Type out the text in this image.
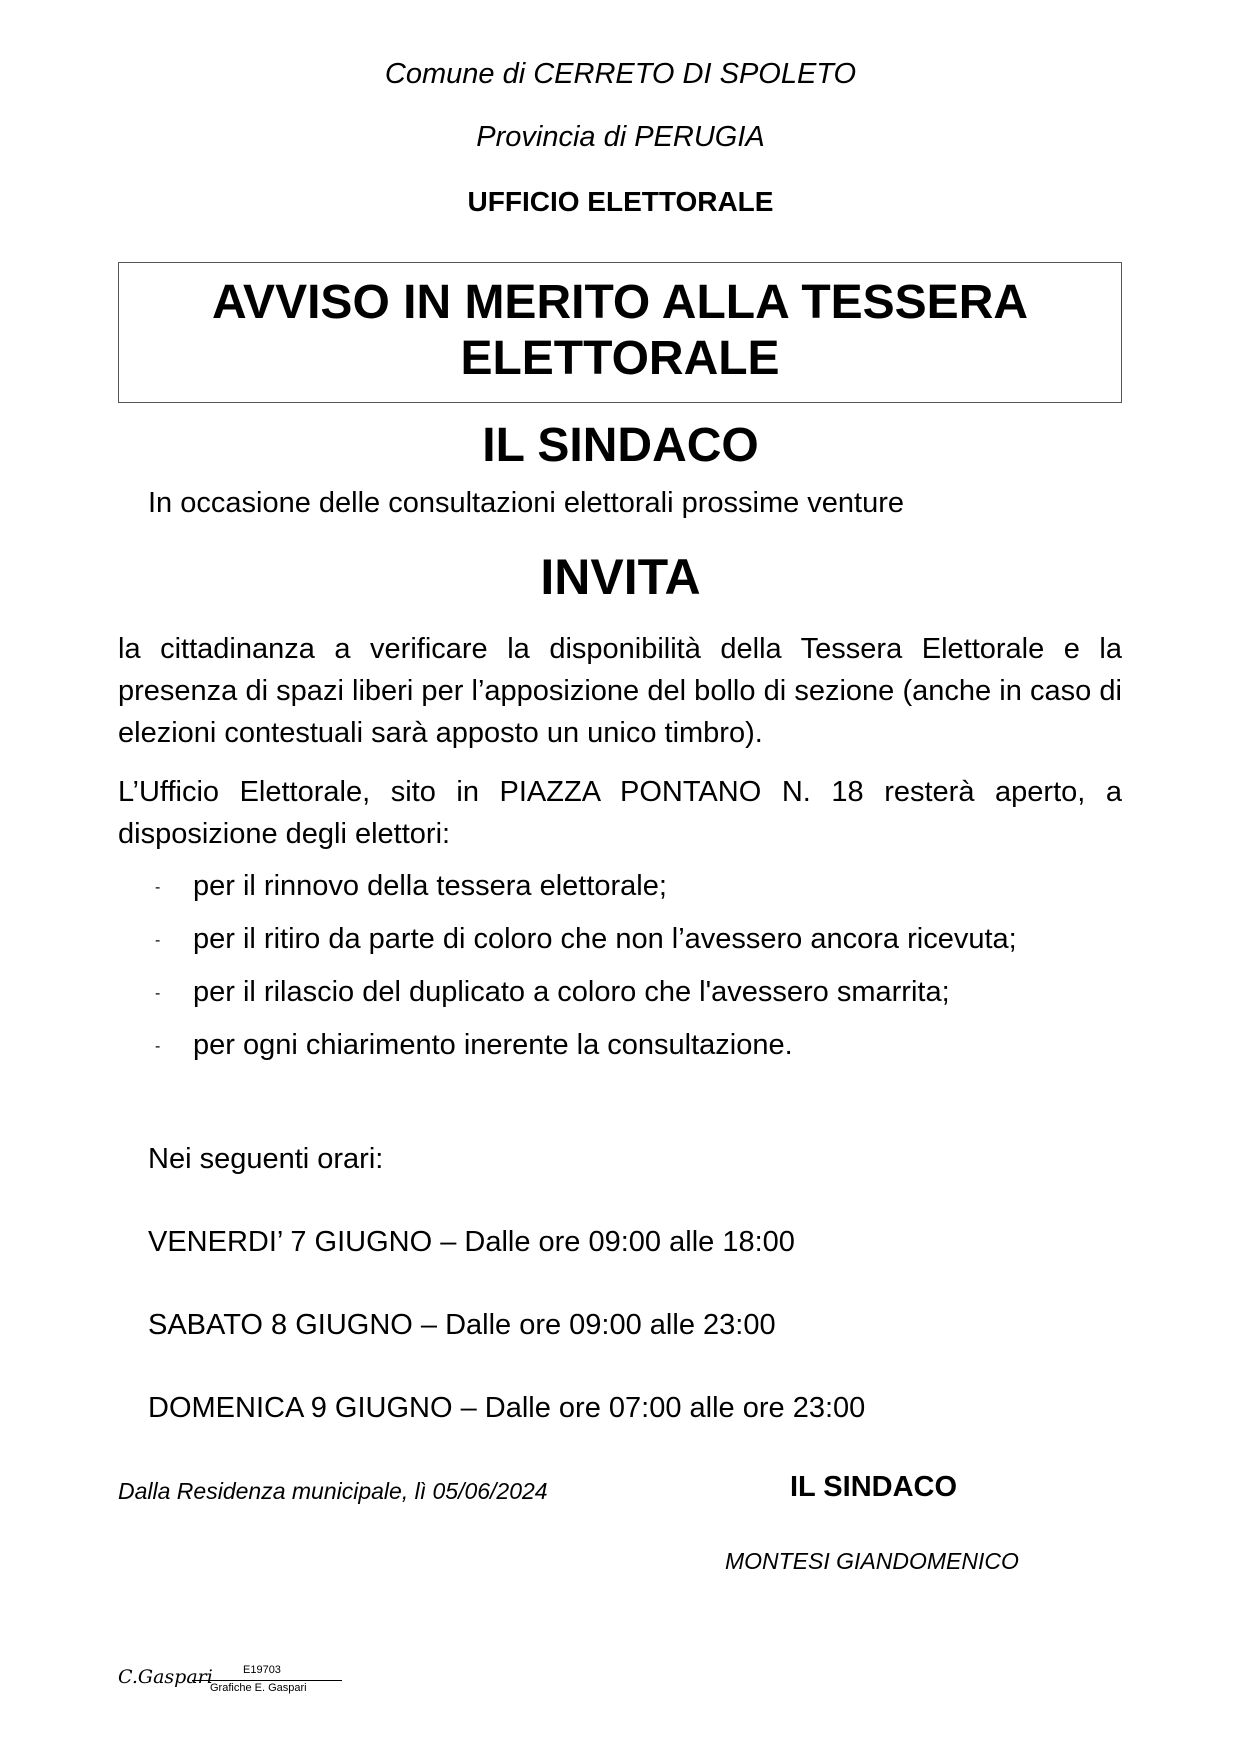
Comune di CERRETO DI SPOLETO
Provincia di PERUGIA
UFFICIO ELETTORALE
AVVISO IN MERITO ALLA TESSERA ELETTORALE
IL SINDACO
In occasione delle consultazioni elettorali prossime venture
INVITA
la cittadinanza a verificare la disponibilità della Tessera Elettorale e la presenza di spazi liberi per l’apposizione del bollo di sezione (anche in caso di elezioni contestuali sarà apposto un unico timbro).
L’Ufficio Elettorale, sito in PIAZZA PONTANO N. 18 resterà aperto, a disposizione degli elettori:
- per il rinnovo della tessera elettorale;
- per il ritiro da parte di coloro che non l’avessero ancora ricevuta;
- per il rilascio del duplicato a coloro che l'avessero smarrita;
- per ogni chiarimento inerente la consultazione.
Nei seguenti orari:
VENERDI’ 7 GIUGNO – Dalle ore 09:00 alle 18:00
SABATO 8 GIUGNO – Dalle ore 09:00 alle 23:00
DOMENICA 9 GIUGNO – Dalle ore 07:00 alle ore 23:00
Dalla Residenza municipale, lì 05/06/2024	IL SINDACO
MONTESI GIANDOMENICO
C.Gaspari	E19703
Grafiche E. Gaspari
